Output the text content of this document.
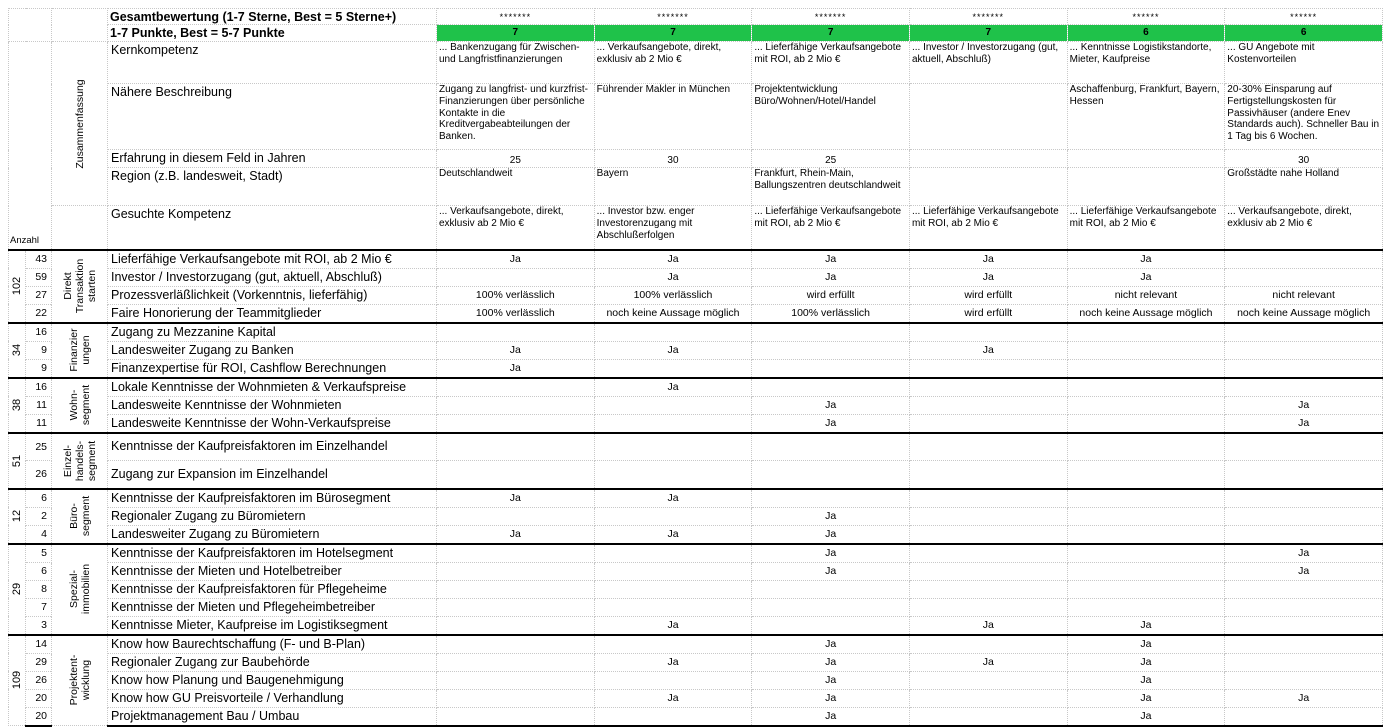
			Gesamtbewertung (1-7 Sterne, Best = 5 Sterne+)	*******	*******	*******	*******	******	******
			1-7 Punkte, Best = 5-7 Punkte	7	7	7	7	6	6
Anzahl		Zusammenfassung	Kernkompetenz	... Bankenzugang für Zwischen- und Langfristfinanzierungen	... Verkaufsangebote, direkt, exklusiv ab 2 Mio €	... Lieferfähige Verkaufsangebote mit ROI, ab 2 Mio €	... Investor / Investorzugang (gut, aktuell, Abschluß)	... Kenntnisse Logistikstandorte, Mieter, Kaufpreise	... GU Angebote mit Kostenvorteilen
			Nähere Beschreibung	Zugang zu langfrist- und kurzfrist-Finanzierungen über persönliche Kontakte in die Kreditvergabeabteilungen der Banken.	Führender Makler in München	Projektentwicklung Büro/Wohnen/Hotel/Handel		Aschaffenburg, Frankfurt, Bayern, Hessen	20-30% Einsparung auf Fertigstellungskosten für Passivhäuser (andere Enev Standards auch). Schneller Bau in 1 Tag bis 6 Wochen.
			Erfahrung in diesem Feld in Jahren	25	30	25			30
			Region (z.B. landesweit, Stadt)	Deutschlandweit	Bayern	Frankfurt, Rhein-Main, Ballungszentren deutschlandweit			Großstädte nahe Holland
			Gesuchte Kompetenz	... Verkaufsangebote, direkt, exklusiv ab 2 Mio €	... Investor bzw. enger Investorenzugang mit Abschlußerfolgen	... Lieferfähige Verkaufsangebote mit ROI, ab 2 Mio €	... Lieferfähige Verkaufsangebote mit ROI, ab 2 Mio €	... Lieferfähige Verkaufsangebote mit ROI, ab 2 Mio €	... Verkaufsangebote, direkt, exklusiv ab 2 Mio €

102	43	Direkt Transaktion starten	Lieferfähige Verkaufsangebote mit ROI, ab 2 Mio €	Ja	Ja	Ja	Ja	Ja	
	59		Investor / Investorzugang (gut, aktuell, Abschluß)		Ja	Ja	Ja	Ja	
	27		Prozessverläßlichkeit (Vorkenntnis, lieferfähig)	100% verlässlich	100% verlässlich	wird erfüllt	wird erfüllt	nicht relevant	nicht relevant
	22		Faire Honorierung der Teammitglieder	100% verlässlich	noch keine Aussage möglich	100% verlässlich	wird erfüllt	noch keine Aussage möglich	noch keine Aussage möglich

34	16	Finanzier ungen	Zugang zu Mezzanine Kapital						
	9		Landesweiter Zugang zu Banken	Ja	Ja		Ja		
	9		Finanzexpertise für ROI, Cashflow Berechnungen	Ja					

38	16	Wohn- segment	Lokale Kenntnisse der Wohnmieten & Verkaufspreise		Ja				
	11		Landesweite Kenntnisse der Wohnmieten			Ja			Ja
	11		Landesweite Kenntnisse der Wohn-Verkaufspreise			Ja			Ja

51	25	Einzel- handels- segment	Kenntnisse der Kaufpreisfaktoren im Einzelhandel						
	26		Zugang zur Expansion im Einzelhandel						

12	6	Büro- segment	Kenntnisse der Kaufpreisfaktoren im Bürosegment	Ja	Ja				
	2		Regionaler Zugang zu Büromietern			Ja			
	4		Landesweiter Zugang zu Büromietern	Ja	Ja	Ja			

29	5	Spezial- immobilien	Kenntnisse der Kaufpreisfaktoren im Hotelsegment			Ja			Ja
	6		Kenntnisse der Mieten und Hotelbetreiber			Ja			Ja
	8		Kenntnisse der Kaufpreisfaktoren für Pflegeheime						
	7		Kenntnisse der Mieten und Pflegeheimbetreiber						
	3		Kenntnisse Mieter, Kaufpreise im Logistiksegment		Ja		Ja	Ja	

109	14	Projektent- wicklung	Know how Baurechtschaffung (F- und B-Plan)			Ja		Ja	
	29		Regionaler Zugang zur Baubehörde		Ja	Ja	Ja	Ja	
	26		Know how Planung und Baugenehmigung			Ja		Ja	
	20		Know how GU Preisvorteile / Verhandlung		Ja	Ja		Ja	Ja
	20		Projektmanagement Bau / Umbau			Ja		Ja	
